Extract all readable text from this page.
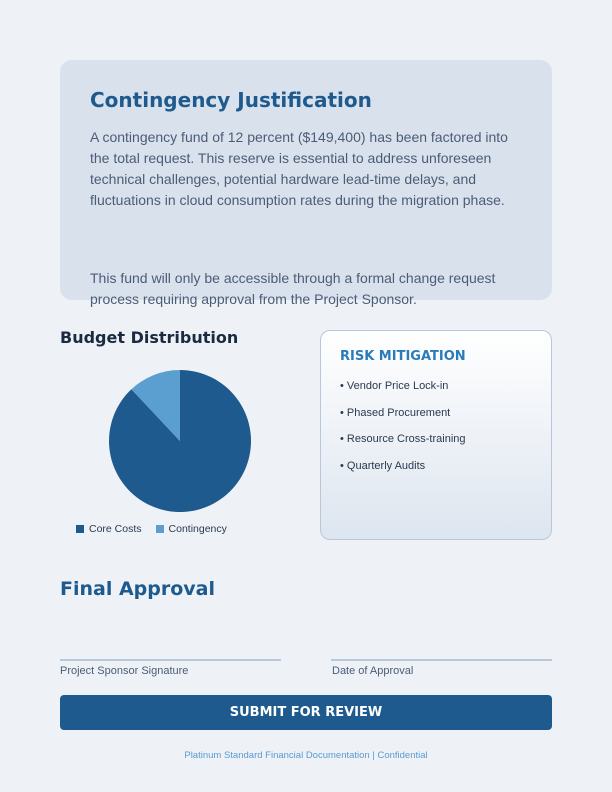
Contingency Justification

A contingency fund of 12 percent ($149,400) has been factored into the total request. This reserve is essential to address unforeseen technical challenges, potential hardware lead-time delays, and fluctuations in cloud consumption rates during the migration phase.

This fund will only be accessible through a formal change request process requiring approval from the Project Sponsor.

Budget Distribution
Core Costs	Contingency
RISK MITIGATION
• Vendor Price Lock-in
• Phased Procurement
• Resource Cross-training
• Quarterly Audits
Final Approval
Project Sponsor Signature	Date of Approval
SUBMIT FOR REVIEW
Platinum Standard Financial Documentation | Confidential
